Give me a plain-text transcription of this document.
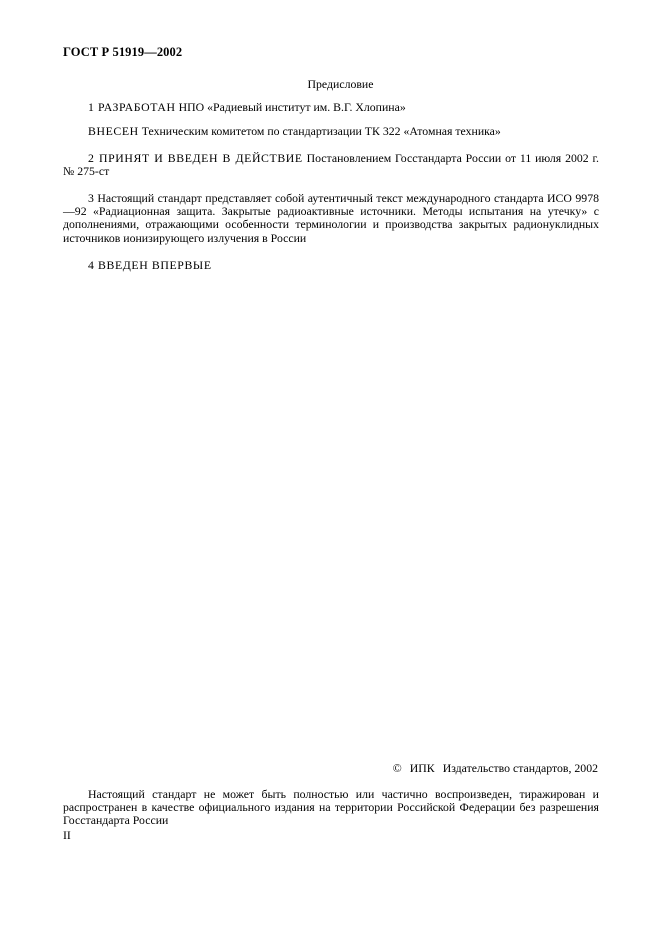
ГОСТ Р 51919—2002
Предисловие

1 РАЗРАБОТАН НПО «Радиевый институт им. В.Г. Хлопина»

ВНЕСЕН Техническим комитетом по стандартизации ТК 322 «Атомная техника»

2 ПРИНЯТ И ВВЕДЕН В ДЕЙСТВИЕ Постановлением Госстандарта России от 11 июля 2002 г. № 275-ст

3 Настоящий стандарт представляет собой аутентичный текст международного стандарта ИСО 9978—92 «Радиационная защита. Закрытые радиоактивные источники. Методы испытания на утечку» с дополнениями, отражающими особенности терминологии и производства закрытых радионуклидных источников ионизирующего излучения в России

4 ВВЕДЕН ВПЕРВЫЕ

© ИПК Издательство стандартов, 2002

Настоящий стандарт не может быть полностью или частично воспроизведен, тиражирован и распространен в качестве официального издания на территории Российской Федерации без разрешения Госстандарта России

II
